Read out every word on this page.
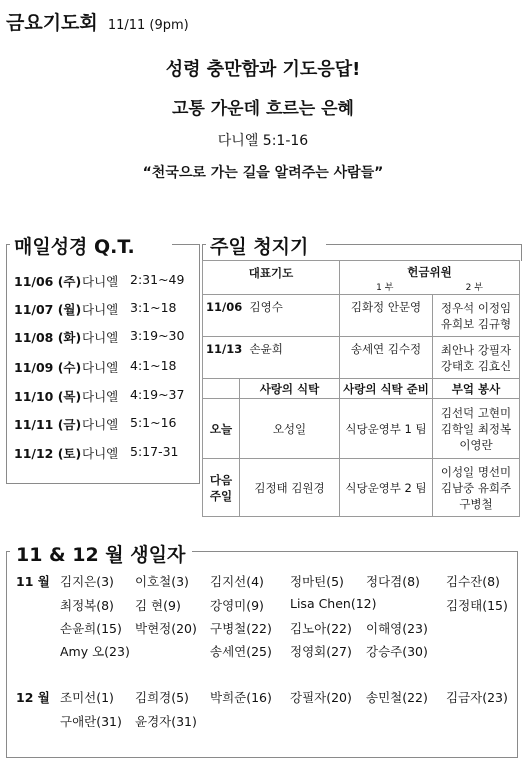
금요기도회 11/11 (9pm)
성령 충만함과 기도응답!
고통 가운데 흐르는 은혜
다니엘 5:1-16
“천국으로 가는 길을 알려주는 사람들”
매일성경 Q.T.
11/06 (주) 다니엘 2:31~49
11/07 (월) 다니엘 3:1~18
11/08 (화) 다니엘 3:19~30
11/09 (수) 다니엘 4:1~18
11/10 (목) 다니엘 4:19~37
11/11 (금) 다니엘 5:1~16
11/12 (토) 다니엘 5:17-31
주일 청지기
대표기도		헌금위원
1 부 2 부	

11/06 김영수		김화정 안문영	정우석 이정임 유희보 김규형
11/13 손윤희		송세연 김수정	최안나 강필자 강태호 김효신
	사랑의 식탁	사랑의 식탁 준비	부엌 봉사
오늘	오성일	식당운영부 1 팀	김선덕 고현미 김학일 최정복 이영란
다음 주일	김정태 김원경	식당운영부 2 팀	이성일 명선미 김남중 유희주 구병철
11 & 12 월 생일자
11 월 김지은(3) 이호철(3) 김지선(4) 정마틴(5) 정다겸(8) 김수잔(8)
최정복(8) 김 현(9) 강영미(9) Lisa Chen(12)	김정태(15)
손윤희(15) 박현정(20) 구병철(22) 김노아(22) 이해영(23)
Amy 오(23)	송세연(25) 정영회(27) 강승주(30)
12 월 조미선(1) 김희경(5) 박희준(16) 강필자(20) 송민철(22) 김금자(23)
구애란(31) 윤경자(31)
